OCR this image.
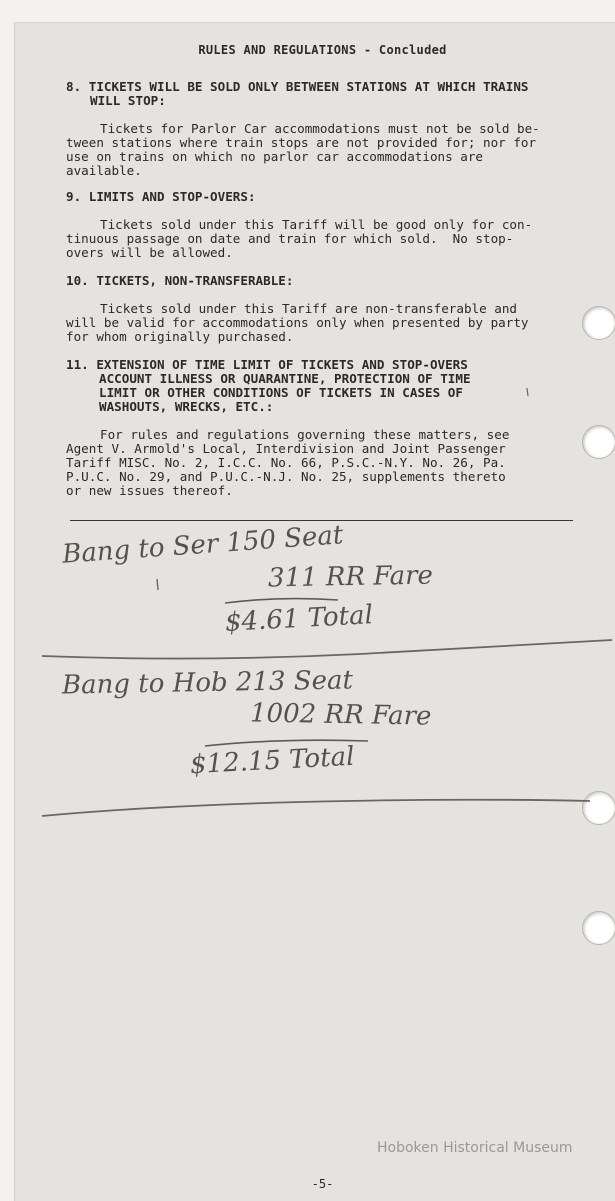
RULES AND REGULATIONS - Concluded
8. TICKETS WILL BE SOLD ONLY BETWEEN STATIONS AT WHICH TRAINS
WILL STOP:
Tickets for Parlor Car accommodations must not be sold be-
tween stations where train stops are not provided for; nor for
use on trains on which no parlor car accommodations are
available.
9. LIMITS AND STOP-OVERS:
Tickets sold under this Tariff will be good only for con-
tinuous passage on date and train for which sold.  No stop-
overs will be allowed.
10. TICKETS, NON-TRANSFERABLE:
Tickets sold under this Tariff are non-transferable and
will be valid for accommodations only when presented by party
for whom originally purchased.
11. EXTENSION OF TIME LIMIT OF TICKETS AND STOP-OVERS
ACCOUNT ILLNESS OR QUARANTINE, PROTECTION OF TIME
LIMIT OR OTHER CONDITIONS OF TICKETS IN CASES OF
WASHOUTS, WRECKS, ETC.:
For rules and regulations governing these matters, see
Agent V. Armold's Local, Interdivision and Joint Passenger
Tariff MISC. No. 2, I.C.C. No. 66, P.S.C.-N.Y. No. 26, Pa.
P.U.C. No. 29, and P.U.C.-N.J. No. 25, supplements thereto
or new issues thereof.
Bang to Ser 150 Seat
311 RR Fare
$4.61 Total
Bang to Hob 213 Seat
1002 RR Fare
$12.15 Total
Hoboken Historical Museum
-5-
